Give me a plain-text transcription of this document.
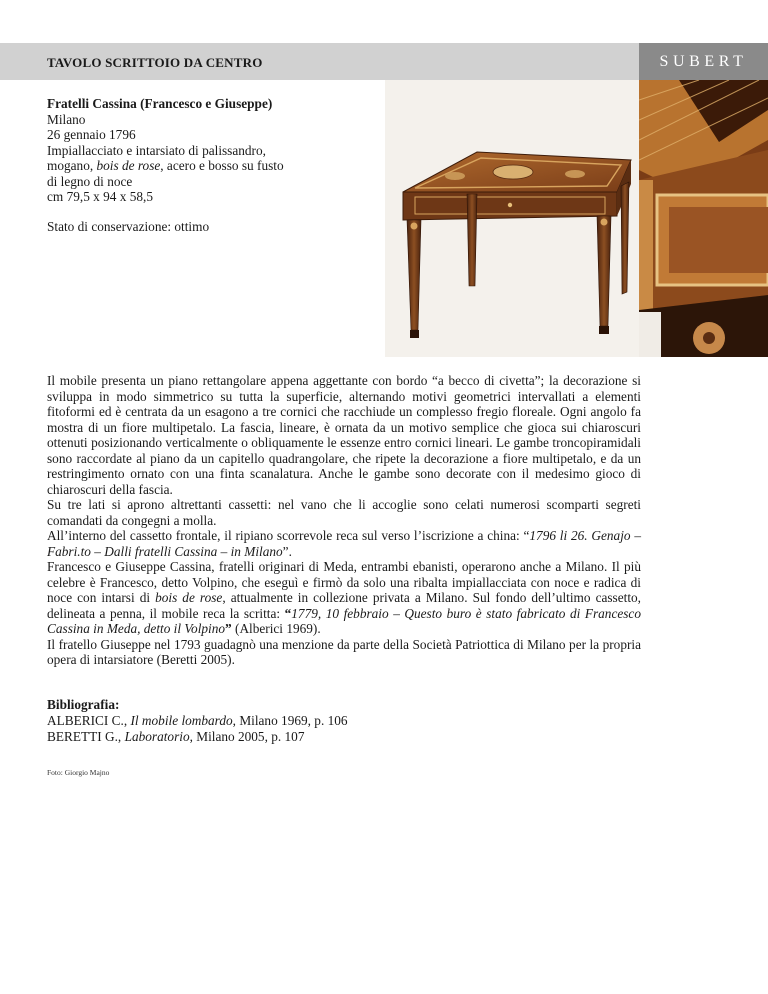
TAVOLO SCRITTOIO DA CENTRO	SUBERT
Fratelli Cassina (Francesco e Giuseppe)
Milano
26 gennaio 1796
Impiallacciato e intarsiato di palissandro,
mogano, bois de rose, acero e bosso su fusto
di legno di noce
cm 79,5 x 94 x 58,5
Stato di conservazione: ottimo

Il mobile presenta un piano rettangolare appena aggettante con bordo “a becco di civetta”; la decorazione si sviluppa in modo simmetrico su tutta la superficie, alternando motivi geometrici intervallati a elementi fitoformi ed è centrata da un esagono a tre cornici che racchiude un complesso fregio floreale. Ogni angolo fa mostra di un fiore multipetalo. La fascia, lineare, è ornata da un motivo semplice che gioca sui chiaroscuri ottenuti posizionando verticalmente o obliquamente le essenze entro cornici lineari. Le gambe troncopiramidali sono raccordate al piano da un capitello quadrangolare, che ripete la decorazione a fiore multipetalo, e da un restringimento ornato con una finta scanalatura. Anche le gambe sono decorate con il medesimo gioco di chiaroscuri della fascia.

Su tre lati si aprono altrettanti cassetti: nel vano che li accoglie sono celati numerosi scomparti segreti comandati da congegni a molla.

All’interno del cassetto frontale, il ripiano scorrevole reca sul verso l’iscrizione a china: “1796 li 26. Genajo – Fabri.to – Dalli fratelli Cassina – in Milano”.

Francesco e Giuseppe Cassina, fratelli originari di Meda, entrambi ebanisti, operarono anche a Milano. Il più celebre è Francesco, detto Volpino, che eseguì e firmò da solo una ribalta impiallacciata con noce e radica di noce con intarsi di bois de rose, attualmente in collezione privata a Milano. Sul fondo dell’ultimo cassetto, delineata a penna, il mobile reca la scritta: “1779, 10 febbraio – Questo buro è stato fabricato di Francesco Cassina in Meda, detto il Volpino” (Alberici 1969).

Il fratello Giuseppe nel 1793 guadagnò una menzione da parte della Società Patriottica di Milano per la propria opera di intarsiatore (Beretti 2005).

Bibliografia:
ALBERICI C., Il mobile lombardo, Milano 1969, p. 106
BERETTI G., Laboratorio, Milano 2005, p. 107
Foto: Giorgio Majno
